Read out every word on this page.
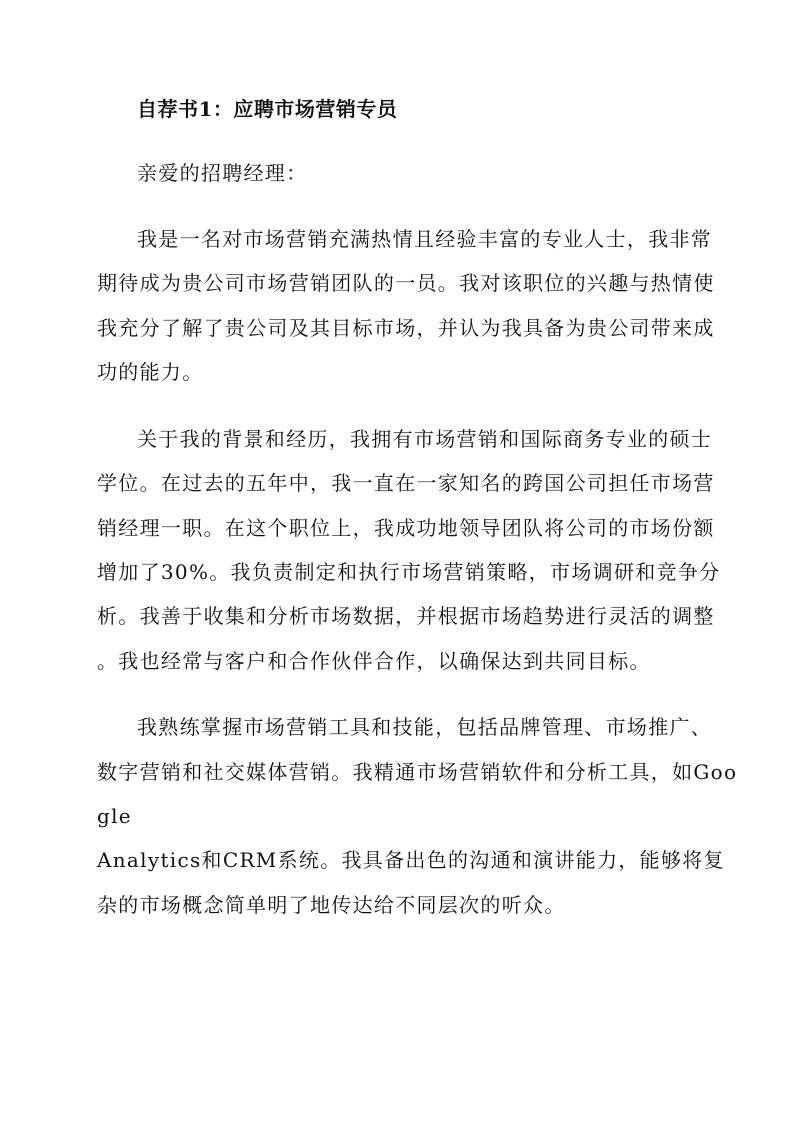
自荐书1：应聘市场营销专员
亲爱的招聘经理：
我是一名对市场营销充满热情且经验丰富的专业人士，我非常
期待成为贵公司市场营销团队的一员。我对该职位的兴趣与热情使
我充分了解了贵公司及其目标市场，并认为我具备为贵公司带来成
功的能力。
关于我的背景和经历，我拥有市场营销和国际商务专业的硕士
学位。在过去的五年中，我一直在一家知名的跨国公司担任市场营
销经理一职。在这个职位上，我成功地领导团队将公司的市场份额
增加了30%。我负责制定和执行市场营销策略，市场调研和竞争分
析。我善于收集和分析市场数据，并根据市场趋势进行灵活的调整
。我也经常与客户和合作伙伴合作，以确保达到共同目标。
我熟练掌握市场营销工具和技能，包括品牌管理、市场推广、
数字营销和社交媒体营销。我精通市场营销软件和分析工具，如Goo
gle
Analytics和CRM系统。我具备出色的沟通和演讲能力，能够将复
杂的市场概念简单明了地传达给不同层次的听众。
